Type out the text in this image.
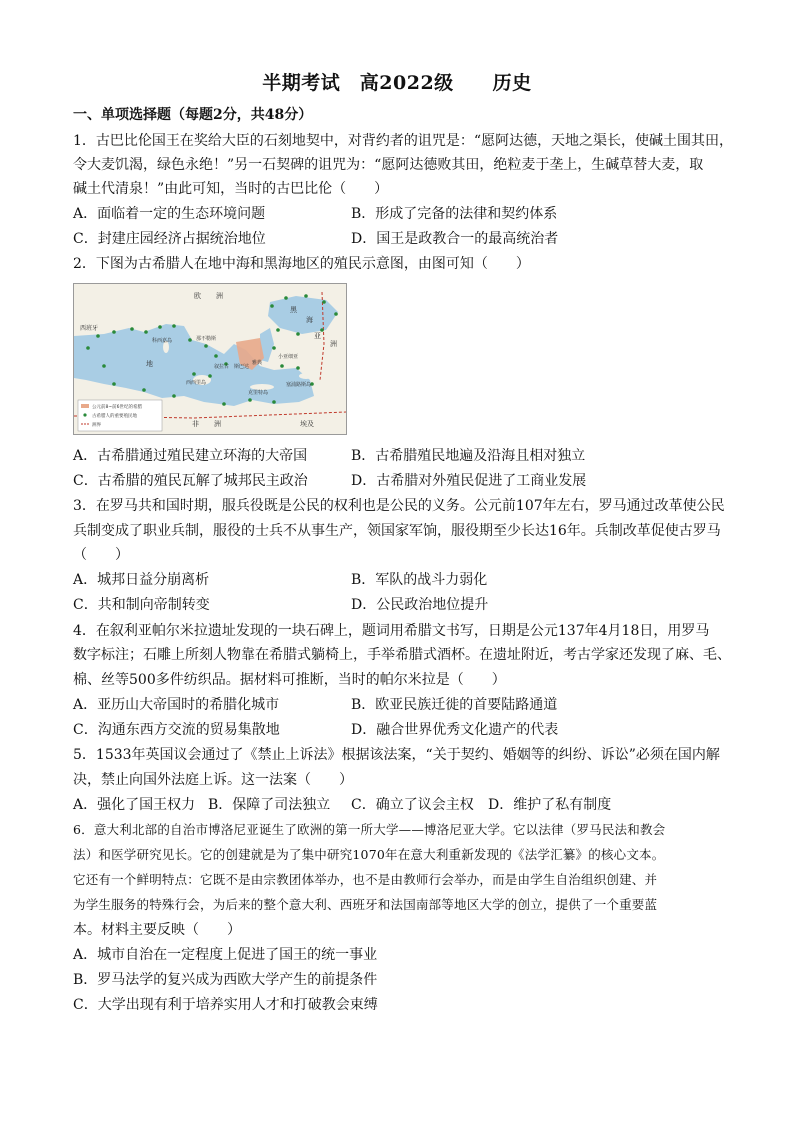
半期考试　高2022级　　历史
一、单项选择题（每题2分，共48分）
1．古巴比伦国王在奖给大臣的石刻地契中，对背约者的诅咒是：“愿阿达德，天地之渠长，使碱土围其田，
令大麦饥渴，绿色永绝！”另一石契碑的诅咒为：“愿阿达德败其田，绝粒麦于垄上，生碱草替大麦，取
碱土代清泉！”由此可知，当时的古巴比伦（　　）
A．面临着一定的生态环境问题	B．形成了完备的法律和契约体系
C．封建庄园经济占据统治地位	D．国王是政教合一的最高统治者
2．下图为古希腊人在地中海和黑海地区的殖民示意图，由图可知（　　）
欧 洲
西班牙
科西嘉岛	那不勒斯
黑
海
亚
洲
叙拉古 斯巴达
雅典
小亚细亚
西西里岛
克里特岛
塞浦路斯岛
非 洲	埃及
地
公元前8~前6世纪的希腊
古希腊人的重要殖民地
洲界
A．古希腊通过殖民建立环海的大帝国	B．古希腊殖民地遍及沿海且相对独立
C．古希腊的殖民瓦解了城邦民主政治	D．古希腊对外殖民促进了工商业发展
3．在罗马共和国时期，服兵役既是公民的权利也是公民的义务。公元前107年左右，罗马通过改革使公民
兵制变成了职业兵制，服役的士兵不从事生产，领国家军饷，服役期至少长达16年。兵制改革促使古罗马
（　　）
A．城邦日益分崩离析	B．军队的战斗力弱化
C．共和制向帝制转变	D．公民政治地位提升
4．在叙利亚帕尔米拉遗址发现的一块石碑上，题词用希腊文书写，日期是公元137年4月18日，用罗马
数字标注；石雕上所刻人物靠在希腊式躺椅上，手举希腊式酒杯。在遗址附近，考古学家还发现了麻、毛、
棉、丝等500多件纺织品。据材料可推断，当时的帕尔米拉是（　　）
A．亚历山大帝国时的希腊化城市	B．欧亚民族迁徙的首要陆路通道
C．沟通东西方交流的贸易集散地	D．融合世界优秀文化遗产的代表
5．1533年英国议会通过了《禁止上诉法》根据该法案，“关于契约、婚姻等的纠纷、诉讼”必须在国内解
决，禁止向国外法庭上诉。这一法案（　　）
A．强化了国王权力 B．保障了司法独立 C．确立了议会主权 D．维护了私有制度
6．意大利北部的自治市博洛尼亚诞生了欧洲的第一所大学——博洛尼亚大学。它以法律（罗马民法和教会
法）和医学研究见长。它的创建就是为了集中研究1070年在意大利重新发现的《法学汇纂》的核心文本。
它还有一个鲜明特点：它既不是由宗教团体举办，也不是由教师行会举办，而是由学生自治组织创建、并
为学生服务的特殊行会，为后来的整个意大利、西班牙和法国南部等地区大学的创立，提供了一个重要蓝
本。材料主要反映（　　）
A．城市自治在一定程度上促进了国王的统一事业
B．罗马法学的复兴成为西欧大学产生的前提条件
C．大学出现有利于培养实用人才和打破教会束缚
